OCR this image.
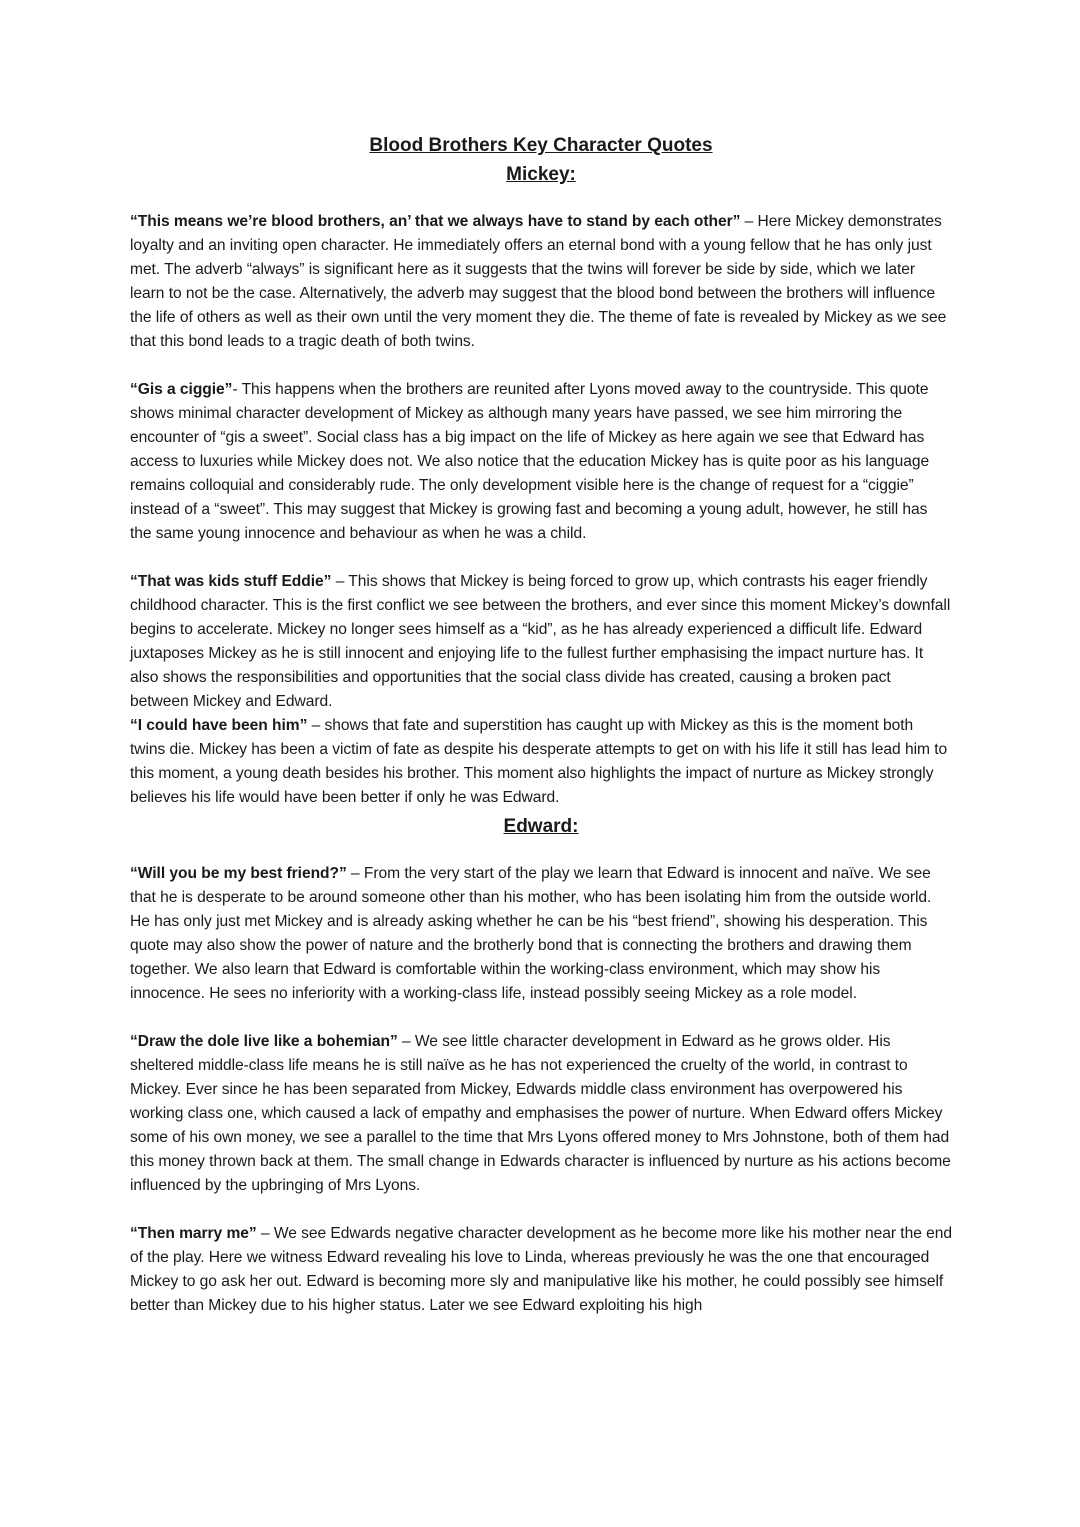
Blood Brothers Key Character Quotes
Mickey:

“This means we’re blood brothers, an’ that we always have to stand by each other” – Here Mickey demonstrates loyalty and an inviting open character. He immediately offers an eternal bond with a young fellow that he has only just met. The adverb “always” is significant here as it suggests that the twins will forever be side by side, which we later learn to not be the case. Alternatively, the adverb may suggest that the blood bond between the brothers will influence the life of others as well as their own until the very moment they die. The theme of fate is revealed by Mickey as we see that this bond leads to a tragic death of both twins.

“Gis a ciggie”- This happens when the brothers are reunited after Lyons moved away to the countryside. This quote shows minimal character development of Mickey as although many years have passed, we see him mirroring the encounter of “gis a sweet”. Social class has a big impact on the life of Mickey as here again we see that Edward has access to luxuries while Mickey does not. We also notice that the education Mickey has is quite poor as his language remains colloquial and considerably rude. The only development visible here is the change of request for a “ciggie” instead of a “sweet”. This may suggest that Mickey is growing fast and becoming a young adult, however, he still has the same young innocence and behaviour as when he was a child.

“That was kids stuff Eddie” – This shows that Mickey is being forced to grow up, which contrasts his eager friendly childhood character. This is the first conflict we see between the brothers, and ever since this moment Mickey’s downfall begins to accelerate. Mickey no longer sees himself as a “kid”, as he has already experienced a difficult life. Edward juxtaposes Mickey as he is still innocent and enjoying life to the fullest further emphasising the impact nurture has. It also shows the responsibilities and opportunities that the social class divide has created, causing a broken pact between Mickey and Edward.

“I could have been him” – shows that fate and superstition has caught up with Mickey as this is the moment both twins die. Mickey has been a victim of fate as despite his desperate attempts to get on with his life it still has lead him to this moment, a young death besides his brother. This moment also highlights the impact of nurture as Mickey strongly believes his life would have been better if only he was Edward.

Edward:

“Will you be my best friend?” – From the very start of the play we learn that Edward is innocent and naïve. We see that he is desperate to be around someone other than his mother, who has been isolating him from the outside world. He has only just met Mickey and is already asking whether he can be his “best friend”, showing his desperation. This quote may also show the power of nature and the brotherly bond that is connecting the brothers and drawing them together. We also learn that Edward is comfortable within the working-class environment, which may show his innocence. He sees no inferiority with a working-class life, instead possibly seeing Mickey as a role model.

“Draw the dole live like a bohemian” – We see little character development in Edward as he grows older. His sheltered middle-class life means he is still naïve as he has not experienced the cruelty of the world, in contrast to Mickey. Ever since he has been separated from Mickey, Edwards middle class environment has overpowered his working class one, which caused a lack of empathy and emphasises the power of nurture. When Edward offers Mickey some of his own money, we see a parallel to the time that Mrs Lyons offered money to Mrs Johnstone, both of them had this money thrown back at them. The small change in Edwards character is influenced by nurture as his actions become influenced by the upbringing of Mrs Lyons.

“Then marry me” – We see Edwards negative character development as he become more like his mother near the end of the play. Here we witness Edward revealing his love to Linda, whereas previously he was the one that encouraged Mickey to go ask her out. Edward is becoming more sly and manipulative like his mother, he could possibly see himself better than Mickey due to his higher status. Later we see Edward exploiting his high
